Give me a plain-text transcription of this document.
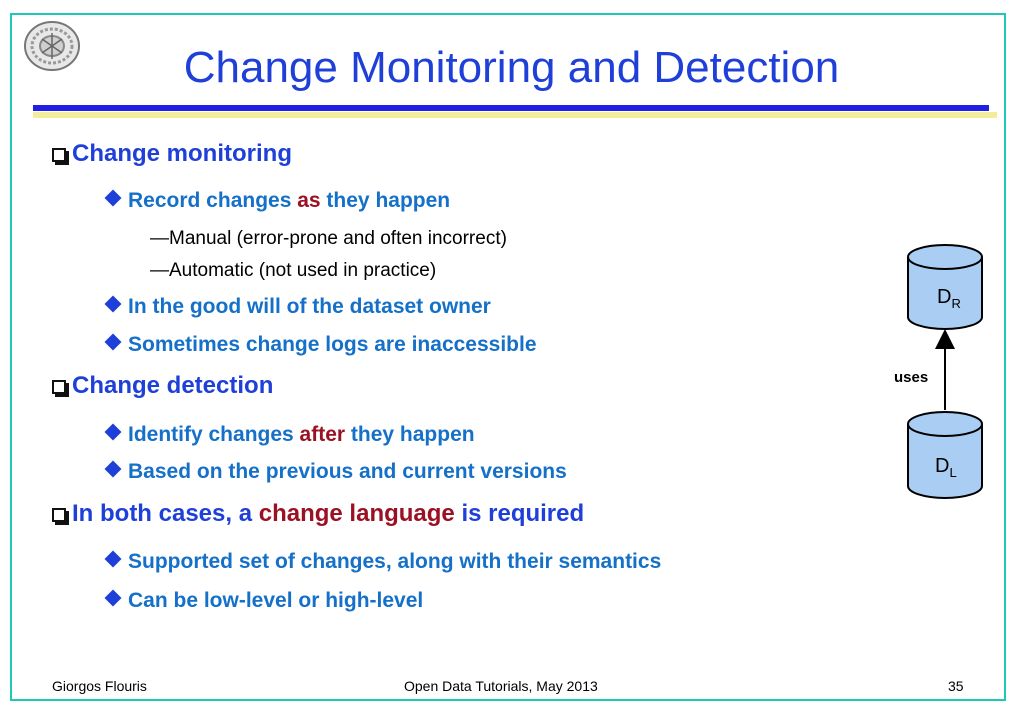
Change Monitoring and Detection
Change monitoring
Record changes as they happen
—Manual (error-prone and often incorrect)
—Automatic (not used in practice)
In the good will of the dataset owner
Sometimes change logs are inaccessible
Change detection
Identify changes after they happen
Based on the previous and current versions
In both cases, a change language is required
Supported set of changes, along with their semantics
Can be low-level or high-level
$D_R$
uses
$D_L$
Giorgos Flouris	Open Data Tutorials, May 2013	35
